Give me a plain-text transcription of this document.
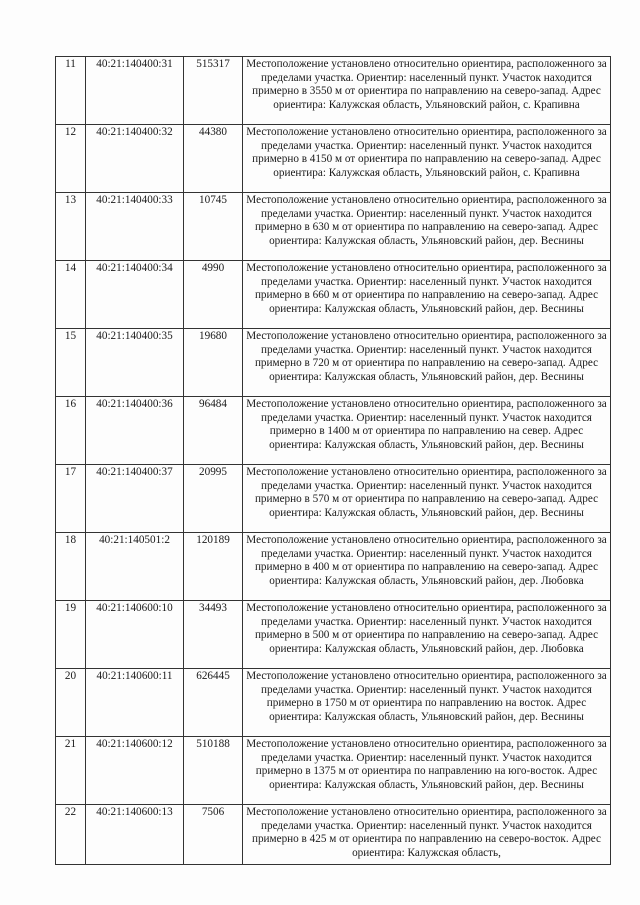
11	40:21:140400:31	515317	Местоположение установлено относительно ориентира, расположенного за пределами участка. Ориентир: населенный пункт. Участок находится примерно в 3550 м от ориентира по направлению на северо-запад. Адрес ориентира: Калужская область, Ульяновский район, с. Крапивна

12	40:21:140400:32	44380	Местоположение установлено относительно ориентира, расположенного за пределами участка. Ориентир: населенный пункт. Участок находится примерно в 4150 м от ориентира по направлению на северо-запад. Адрес ориентира: Калужская область, Ульяновский район, с. Крапивна

13	40:21:140400:33	10745	Местоположение установлено относительно ориентира, расположенного за пределами участка. Ориентир: населенный пункт. Участок находится примерно в 630 м от ориентира по направлению на северо-запад. Адрес ориентира: Калужская область, Ульяновский район, дер. Веснины

14	40:21:140400:34	4990	Местоположение установлено относительно ориентира, расположенного за пределами участка. Ориентир: населенный пункт. Участок находится примерно в 660 м от ориентира по направлению на северо-запад. Адрес ориентира: Калужская область, Ульяновский район, дер. Веснины

15	40:21:140400:35	19680	Местоположение установлено относительно ориентира, расположенного за пределами участка. Ориентир: населенный пункт. Участок находится примерно в 720 м от ориентира по направлению на северо-запад. Адрес ориентира: Калужская область, Ульяновский район, дер. Веснины

16	40:21:140400:36	96484	Местоположение установлено относительно ориентира, расположенного за пределами участка. Ориентир: населенный пункт. Участок находится примерно в 1400 м от ориентира по направлению на север. Адрес ориентира: Калужская область, Ульяновский район, дер. Веснины

17	40:21:140400:37	20995	Местоположение установлено относительно ориентира, расположенного за пределами участка. Ориентир: населенный пункт. Участок находится примерно в 570 м от ориентира по направлению на северо-запад. Адрес ориентира: Калужская область, Ульяновский район, дер. Веснины

18	40:21:140501:2	120189	Местоположение установлено относительно ориентира, расположенного за пределами участка. Ориентир: населенный пункт. Участок находится примерно в 400 м от ориентира по направлению на северо-запад. Адрес ориентира: Калужская область, Ульяновский район, дер. Любовка

19	40:21:140600:10	34493	Местоположение установлено относительно ориентира, расположенного за пределами участка. Ориентир: населенный пункт. Участок находится примерно в 500 м от ориентира по направлению на северо-запад. Адрес ориентира: Калужская область, Ульяновский район, дер. Любовка

20	40:21:140600:11	626445	Местоположение установлено относительно ориентира, расположенного за пределами участка. Ориентир: населенный пункт. Участок находится примерно в 1750 м от ориентира по направлению на восток. Адрес ориентира: Калужская область, Ульяновский район, дер. Веснины

21	40:21:140600:12	510188	Местоположение установлено относительно ориентира, расположенного за пределами участка. Ориентир: населенный пункт. Участок находится примерно в 1375 м от ориентира по направлению на юго-восток. Адрес ориентира: Калужская область, Ульяновский район, дер. Веснины

22	40:21:140600:13	7506	Местоположение установлено относительно ориентира, расположенного за пределами участка. Ориентир: населенный пункт. Участок находится примерно в 425 м от ориентира по направлению на северо-восток. Адрес ориентира: Калужская область,
